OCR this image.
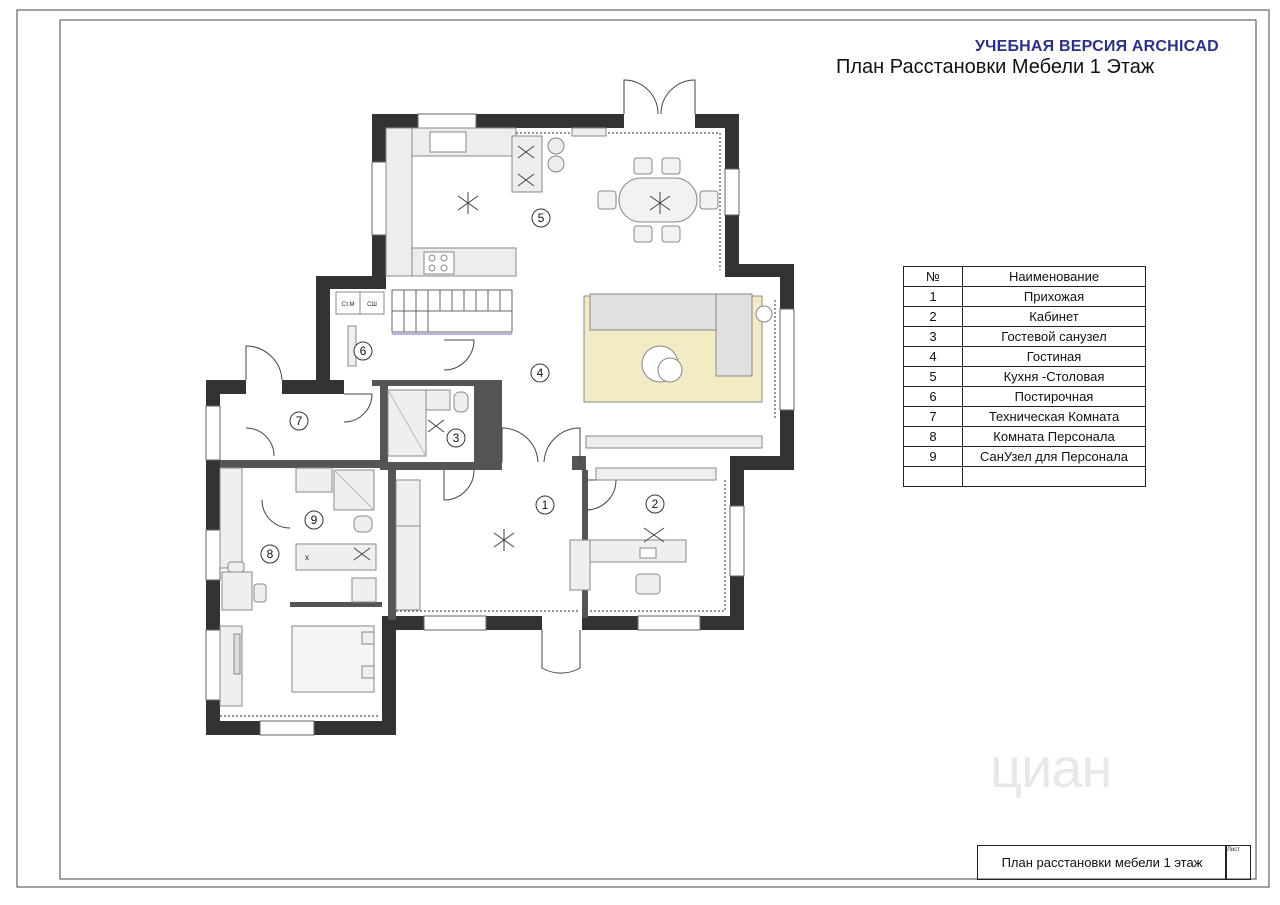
1	2
3
4
5
6
7
8
9
Ст.М СШ
x
циан
УЧЕБНАЯ ВЕРСИЯ ARCHICAD
План Расстановки Мебели 1 Этаж
№	Наименование
1	Прихожая
2	Кабинет
3	Гостевой санузел
4	Гостиная
5	Кухня -Столовая
6	Постирочная
7	Техническая Комната
8	Комната Персонала
9	СанУзел для Персонала

План расстановки мебели 1 этаж
Лист
